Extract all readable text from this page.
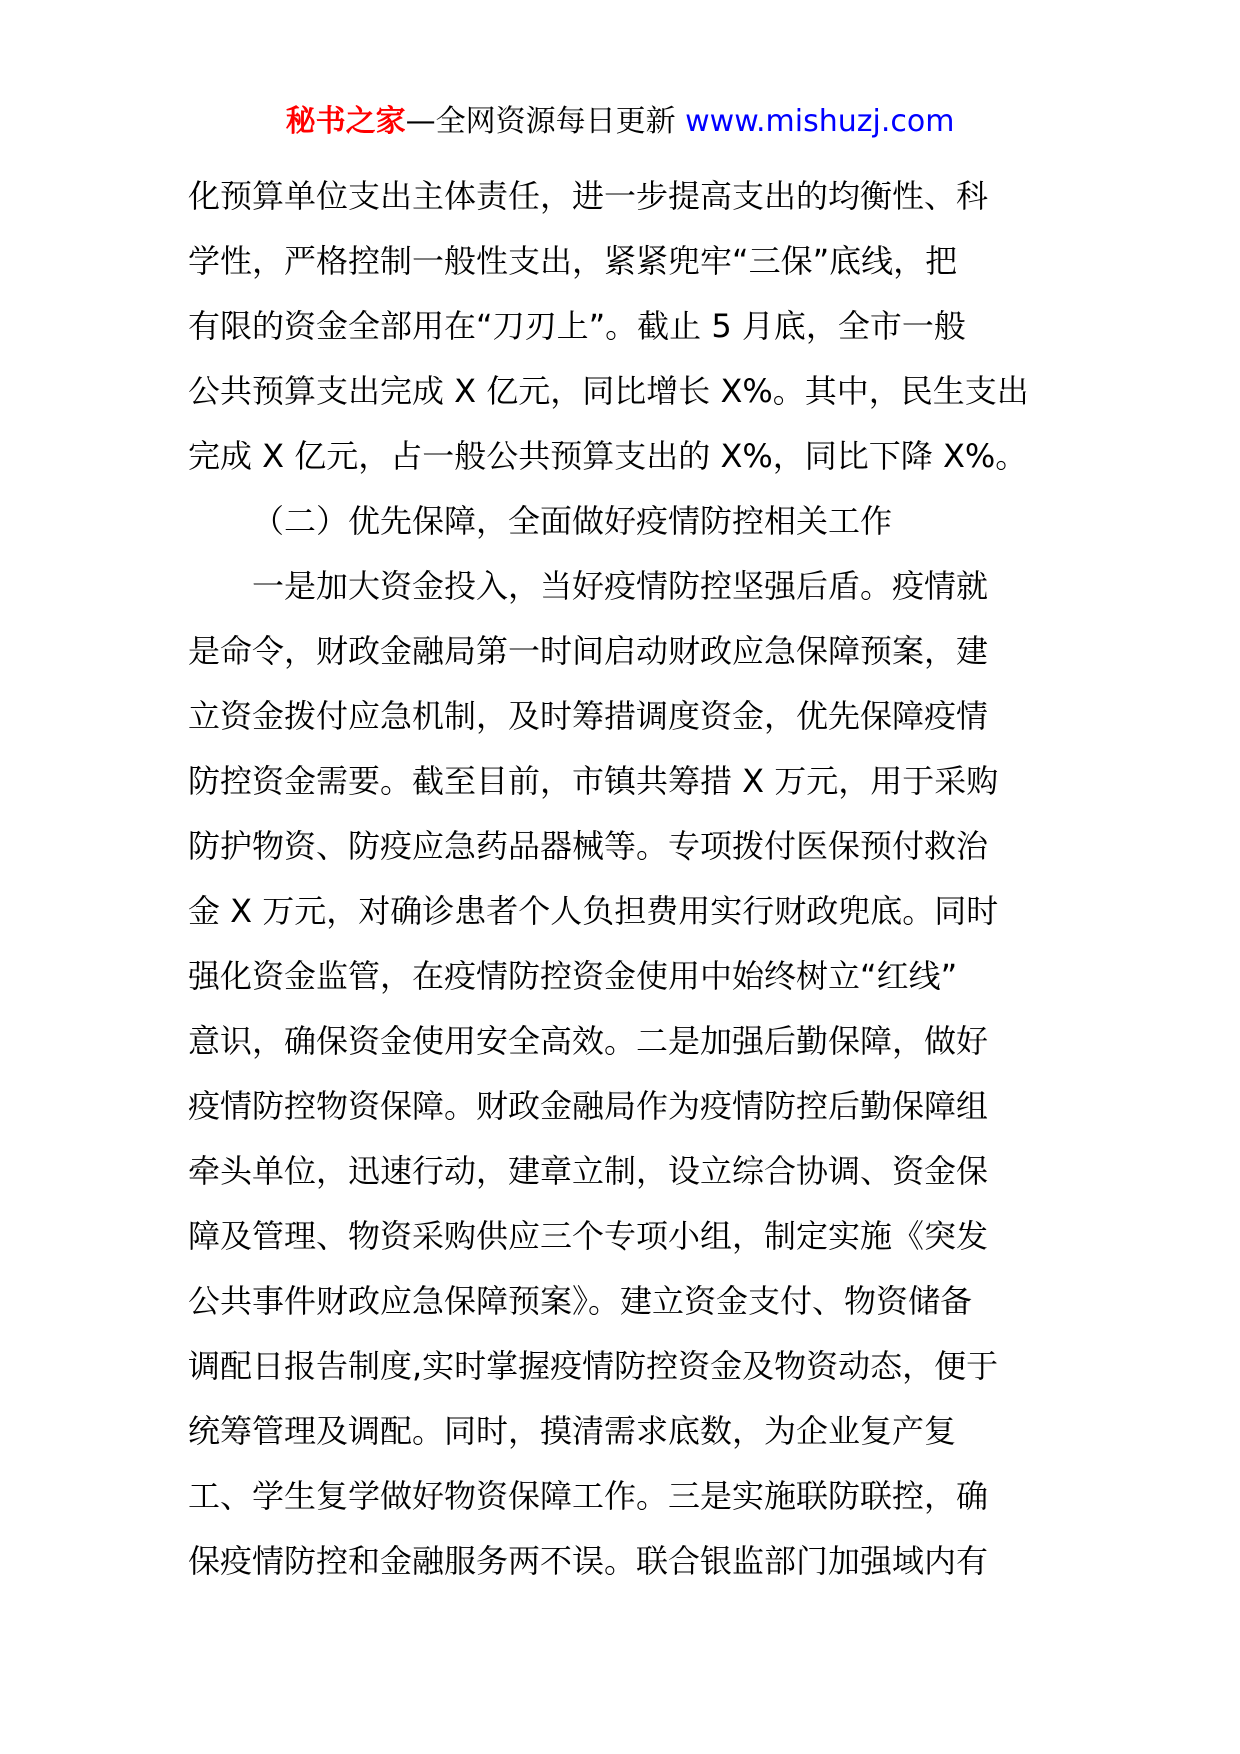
秘书之家—全网资源每日更新 www.mishuzj.com
化预算单位支出主体责任，进一步提高支出的均衡性、科
学性，严格控制一般性支出，紧紧兜牢“三保”底线，把
有限的资金全部用在“刀刃上”。截止 5 月底，全市一般
公共预算支出完成 X 亿元，同比增长 X%。其中，民生支出
完成 X 亿元，占一般公共预算支出的 X%，同比下降 X%。
（二）优先保障，全面做好疫情防控相关工作
一是加大资金投入，当好疫情防控坚强后盾。疫情就
是命令，财政金融局第一时间启动财政应急保障预案，建
立资金拨付应急机制，及时筹措调度资金，优先保障疫情
防控资金需要。截至目前，市镇共筹措 X 万元，用于采购
防护物资、防疫应急药品器械等。专项拨付医保预付救治
金 X 万元，对确诊患者个人负担费用实行财政兜底。同时
强化资金监管，在疫情防控资金使用中始终树立“红线”
意识，确保资金使用安全高效。二是加强后勤保障，做好
疫情防控物资保障。财政金融局作为疫情防控后勤保障组
牵头单位，迅速行动，建章立制，设立综合协调、资金保
障及管理、物资采购供应三个专项小组，制定实施《突发
公共事件财政应急保障预案》。建立资金支付、物资储备
调配日报告制度,实时掌握疫情防控资金及物资动态，便于
统筹管理及调配。同时，摸清需求底数，为企业复产复
工、学生复学做好物资保障工作。三是实施联防联控，确
保疫情防控和金融服务两不误。联合银监部门加强域内有
